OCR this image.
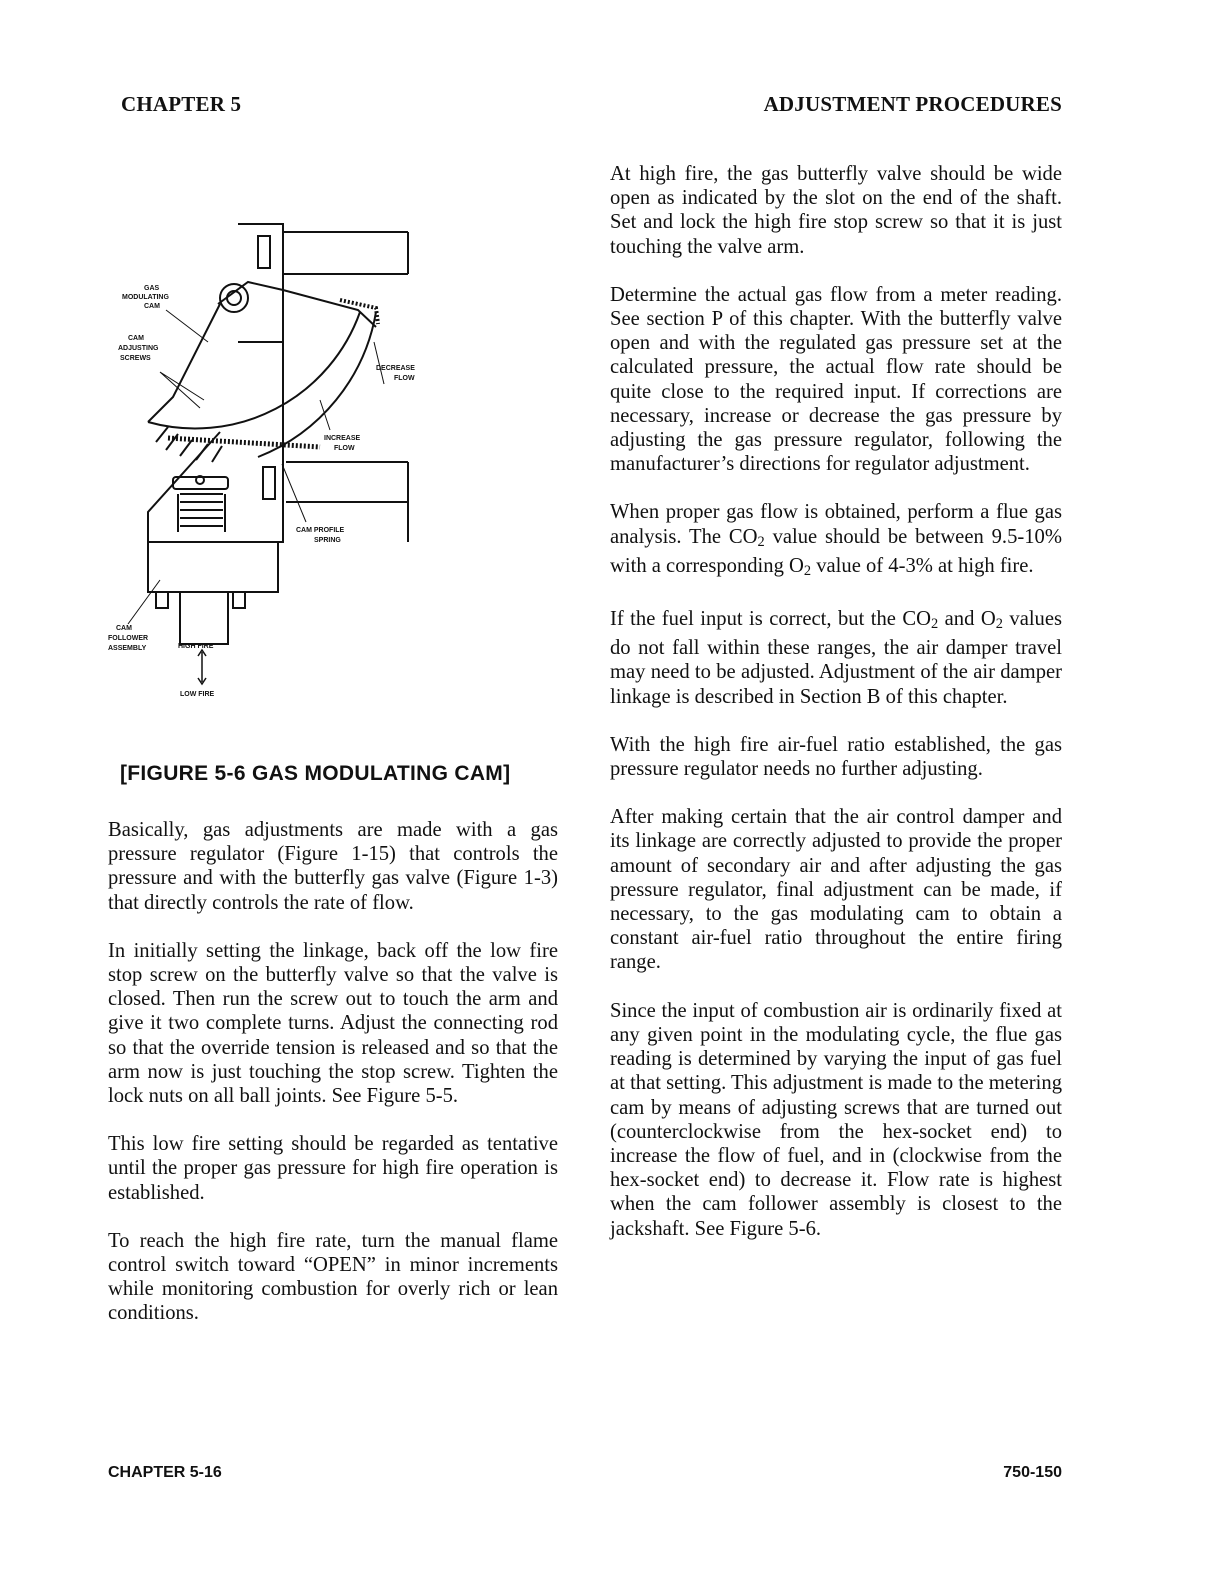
CHAPTER 5	ADJUSTMENT PROCEDURES
GAS MODULATING CAM
CAM ADJUSTING SCREWS
DECREASE FLOW
INCREASE FLOW
CAM PROFILE SPRING
CAM FOLLOWER ASSEMBLY	HIGH FIRE
LOW FIRE
[FIGURE 5-6 GAS MODULATING CAM]

Basically, gas adjustments are made with a gas pressure regulator (Figure 1-15) that controls the pressure and with the butterfly gas valve (Figure 1-3) that directly controls the rate of flow.

In initially setting the linkage, back off the low fire stop screw on the butterfly valve so that the valve is closed. Then run the screw out to touch the arm and give it two complete turns. Adjust the connecting rod so that the override tension is released and so that the arm now is just touching the stop screw. Tighten the lock nuts on all ball joints. See Figure 5-5.

This low fire setting should be regarded as tentative until the proper gas pressure for high fire operation is established.

To reach the high fire rate, turn the manual flame control switch toward “OPEN” in minor increments while monitoring combustion for overly rich or lean conditions.

At high fire, the gas butterfly valve should be wide open as indicated by the slot on the end of the shaft. Set and lock the high fire stop screw so that it is just touching the valve arm.

Determine the actual gas flow from a meter reading. See section P of this chapter. With the butterfly valve open and with the regulated gas pressure set at the calculated pressure, the actual flow rate should be quite close to the required input. If corrections are necessary, increase or decrease the gas pressure by adjusting the gas pressure regulator, following the manufacturer’s directions for regulator adjustment.

When proper gas flow is obtained, perform a flue gas analysis. The $CO_2$ value should be between 9.5-10% with a corresponding $O_2$ value of 4-3% at high fire.

If the fuel input is correct, but the $CO_2$ and $O_2$ values do not fall within these ranges, the air damper travel may need to be adjusted. Adjustment of the air damper linkage is described in Section B of this chapter.

With the high fire air-fuel ratio established, the gas pressure regulator needs no further adjusting.

After making certain that the air control damper and its linkage are correctly adjusted to provide the proper amount of secondary air and after adjusting the gas pressure regulator, final adjustment can be made, if necessary, to the gas modulating cam to obtain a constant air-fuel ratio throughout the entire firing range.

Since the input of combustion air is ordinarily fixed at any given point in the modulating cycle, the flue gas reading is determined by varying the input of gas fuel at that setting. This adjustment is made to the metering cam by means of adjusting screws that are turned out (counterclockwise from the hex-socket end) to increase the flow of fuel, and in (clockwise from the hex-socket end) to decrease it. Flow rate is highest when the cam follower assembly is closest to the jackshaft. See Figure 5-6.

CHAPTER 5-16	750-150
